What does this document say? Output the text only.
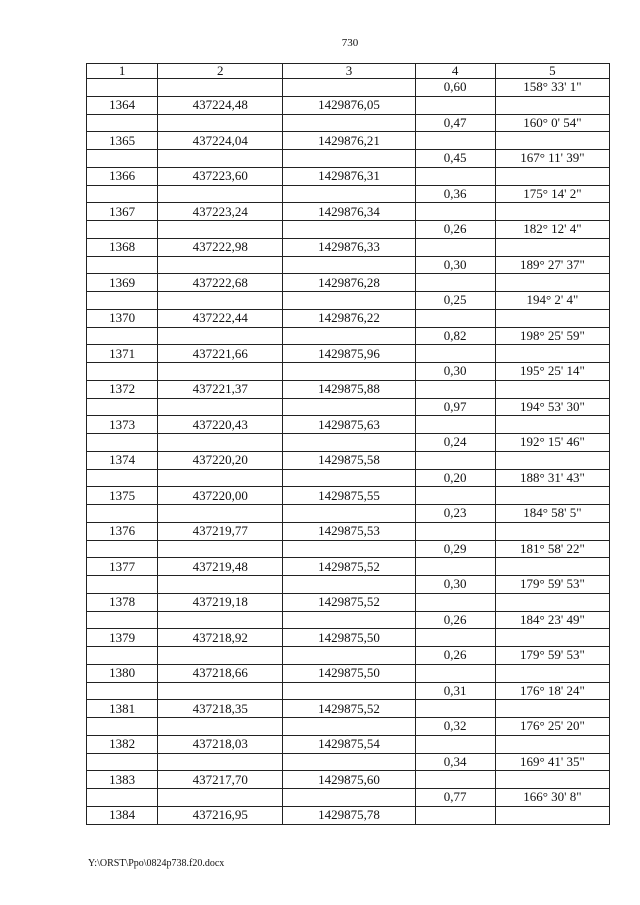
730
1	2	3	4	5
			0,60	158° 33' 1"
1364	437224,48	1429876,05		
			0,47	160° 0' 54"
1365	437224,04	1429876,21		
			0,45	167° 11' 39"
1366	437223,60	1429876,31		
			0,36	175° 14' 2"
1367	437223,24	1429876,34		
			0,26	182° 12' 4"
1368	437222,98	1429876,33		
			0,30	189° 27' 37"
1369	437222,68	1429876,28		
			0,25	194° 2' 4"
1370	437222,44	1429876,22		
			0,82	198° 25' 59"
1371	437221,66	1429875,96		
			0,30	195° 25' 14"
1372	437221,37	1429875,88		
			0,97	194° 53' 30"
1373	437220,43	1429875,63		
			0,24	192° 15' 46"
1374	437220,20	1429875,58		
			0,20	188° 31' 43"
1375	437220,00	1429875,55		
			0,23	184° 58' 5"
1376	437219,77	1429875,53		
			0,29	181° 58' 22"
1377	437219,48	1429875,52		
			0,30	179° 59' 53"
1378	437219,18	1429875,52		
			0,26	184° 23' 49"
1379	437218,92	1429875,50		
			0,26	179° 59' 53"
1380	437218,66	1429875,50		
			0,31	176° 18' 24"
1381	437218,35	1429875,52		
			0,32	176° 25' 20"
1382	437218,03	1429875,54		
			0,34	169° 41' 35"
1383	437217,70	1429875,60		
			0,77	166° 30' 8"
1384	437216,95	1429875,78		
Y:\ORST\Ppo\0824p738.f20.docx
